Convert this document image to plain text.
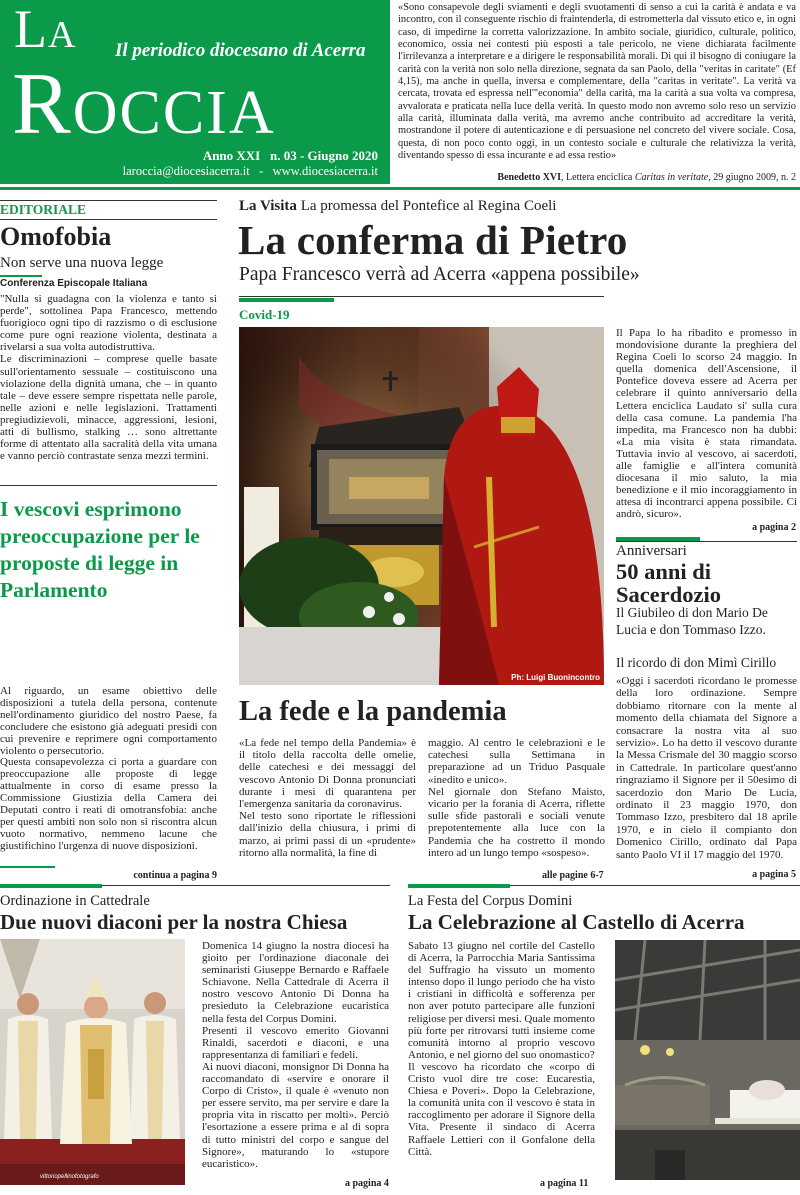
La
Roccia
Il periodico diocesano di Acerra
Anno XXI   n. 03 - Giugno 2020
laroccia@diocesiacerra.it   -   www.diocesiacerra.it
«Sono consapevole degli sviamenti e degli svuotamenti di senso a cui la carità è andata e va incontro, con il conseguente rischio di fraintenderla, di estrometterla dal vissuto etico e, in ogni caso, di impedirne la corretta valorizzazione. In ambito sociale, giuridico, culturale, politico, economico, ossia nei contesti più esposti a tale pericolo, ne viene dichiarata facilmente l'irrilevanza a interpretare e a dirigere le responsabilità morali. Di qui il bisogno di coniugare la carità con la verità non solo nella direzione, segnata da san Paolo, della "veritas in caritate" (Ef 4,15), ma anche in quella, inversa e complementare, della "caritas in veritate". La verità va cercata, trovata ed espressa nell'"economia" della carità, ma la carità a sua volta va compresa, avvalorata e praticata nella luce della verità. In questo modo non avremo solo reso un servizio alla carità, illuminata dalla verità, ma avremo anche contribuito ad accreditare la verità, mostrandone il potere di autenticazione e di persuasione nel concreto del vivere sociale. Cosa, questa, di non poco conto oggi, in un contesto sociale e culturale che relativizza la verità, diventando spesso di essa incurante e ad essa restio»
Benedetto XVI, Lettera enciclica Caritas in veritate, 29 giugno 2009, n. 2
EDITORIALE
Omofobia
Non serve una nuova legge
Conferenza Episcopale Italiana
"Nulla si guadagna con la violenza e tanto si perde", sottolinea Papa Francesco, mettendo fuorigioco ogni tipo di razzismo o di esclusione come pure ogni reazione violenta, destinata a rivelarsi a sua volta autodistruttiva.
Le discriminazioni – comprese quelle basate sull'orientamento sessuale – costituiscono una violazione della dignità umana, che – in quanto tale – deve essere sempre rispettata nelle parole, nelle azioni e nelle legislazioni. Trattamenti pregiudizievoli, minacce, aggressioni, lesioni, atti di bullismo, stalking … sono altrettante forme di attentato alla sacralità della vita umana e vanno perciò contrastate senza mezzi termini.
I vescovi esprimono preoccupazione per le proposte di legge in Parlamento
Al riguardo, un esame obiettivo delle disposizioni a tutela della persona, contenute nell'ordinamento giuridico del nostro Paese, fa concludere che esistono già adeguati presidi con cui prevenire e reprimere ogni comportamento violento o persecutorio.
Questa consapevolezza ci porta a guardare con preoccupazione alle proposte di legge attualmente in corso di esame presso la Commissione Giustizia della Camera dei Deputati contro i reati di omotransfobia: anche per questi ambiti non solo non si riscontra alcun vuoto normativo, nemmeno lacune che giustifichino l'urgenza di nuove disposizioni.
continua a pagina 9
La Visita La promessa del Pontefice al Regina Coeli
La conferma di Pietro
Papa Francesco verrà ad Acerra «appena possibile»
Covid-19
Ph: Luigi Buonincontro
Il Papa lo ha ribadito e promesso in mondovisione durante la preghiera del Regina Coeli lo scorso 24 maggio. In quella domenica dell'Ascensione, il Pontefice doveva essere ad Acerra per celebrare il quinto anniversario della Lettera enciclica Laudato si' sulla cura della casa comune. La pandemia l'ha impedita, ma Francesco non ha dubbi: «La mia visita è stata rimandata. Tuttavia invio al vescovo, ai sacerdoti, alle famiglie e all'intera comunità diocesana il mio saluto, la mia benedizione e il mio incoraggiamento in attesa di incontrarci appena possibile. Ci andrò, sicuro».
a pagina 2
La fede e la pandemia
«La fede nel tempo della Pandemia» è il titolo della raccolta delle omelie, delle catechesi e dei messaggi del vescovo Antonio Di Donna pronunciati durante i mesi di quarantena per l'emergenza sanitaria da coronavirus.
Nel testo sono riportate le riflessioni dall'inizio della chiusura, i primi di marzo, ai primi passi di un «prudente» ritorno alla normalità, la fine di
maggio. Al centro le celebrazioni e le catechesi sulla Settimana in preparazione ad un Triduo Pasquale «inedito e unico».
Nel giornale don Stefano Maisto, vicario per la forania di Acerra, riflette sulle sfide pastorali e sociali venute prepotentemente alla luce con la Pandemia che ha costretto il mondo intero ad un lungo tempo «sospeso».
alle pagine 6-7
Anniversari
50 anni di Sacerdozio
Il Giubileo di don Mario De Lucia e don Tommaso Izzo.
Il ricordo di don Mimì Cirillo
«Oggi i sacerdoti ricordano le promesse della loro ordinazione. Sempre dobbiamo ritornare con la mente al momento della chiamata del Signore a consacrare la nostra vita al suo servizio». Lo ha detto il vescovo durante la Messa Crismale del 30 maggio scorso in Cattedrale. In particolare quest'anno ringraziamo il Signore per il 50esimo di sacerdozio don Mario De Lucia, ordinato il 23 maggio 1970, don Tommaso Izzo, presbitero dal 18 aprile 1970, e in cielo il compianto don Domenico Cirillo, ordinato dal Papa santo Paolo VI il 17 maggio del 1970.
a pagina 5
Ordinazione in Cattedrale
Due nuovi diaconi per la nostra Chiesa
vittoriopellinofotografo
Domenica 14 giugno la nostra diocesi ha gioito per l'ordinazione diaconale dei seminaristi Giuseppe Bernardo e Raffaele Schiavone. Nella Cattedrale di Acerra il nostro vescovo Antonio Di Donna ha presieduto la Celebrazione eucaristica nella festa del Corpus Domini.
Presenti il vescovo emerito Giovanni Rinaldi, sacerdoti e diaconi, e una rappresentanza di familiari e fedeli.
Ai nuovi diaconi, monsignor Di Donna ha raccomandato di «servire e onorare il Corpo di Cristo», il quale è «venuto non per essere servito, ma per servire e dare la propria vita in riscatto per molti». Perciò l'esortazione a essere prima e al di sopra di tutto ministri del corpo e sangue del Signore», maturando lo «stupore eucaristico».
a pagina 4
La Festa del Corpus Domini
La Celebrazione al Castello di Acerra
Sabato 13 giugno nel cortile del Castello di Acerra, la Parrocchia Maria Santissima del Suffragio ha vissuto un momento intenso dopo il lungo periodo che ha visto i cristiani in difficoltà e sofferenza per non aver potuto partecipare alle funzioni religiose per diversi mesi. Quale momento più forte per ritrovarsi tutti insieme come comunità intorno al proprio vescovo Antonio, e nel giorno del suo onomastico?
Il vescovo ha ricordato che «corpo di Cristo vuol dire tre cose: Eucarestia, Chiesa e Poveri». Dopo la Celebrazione, la comunità unita con il vescovo è stata in raccoglimento per adorare il Signore della Vita. Presente il sindaco di Acerra Raffaele Lettieri con il Gonfalone della Città.
a pagina 11
